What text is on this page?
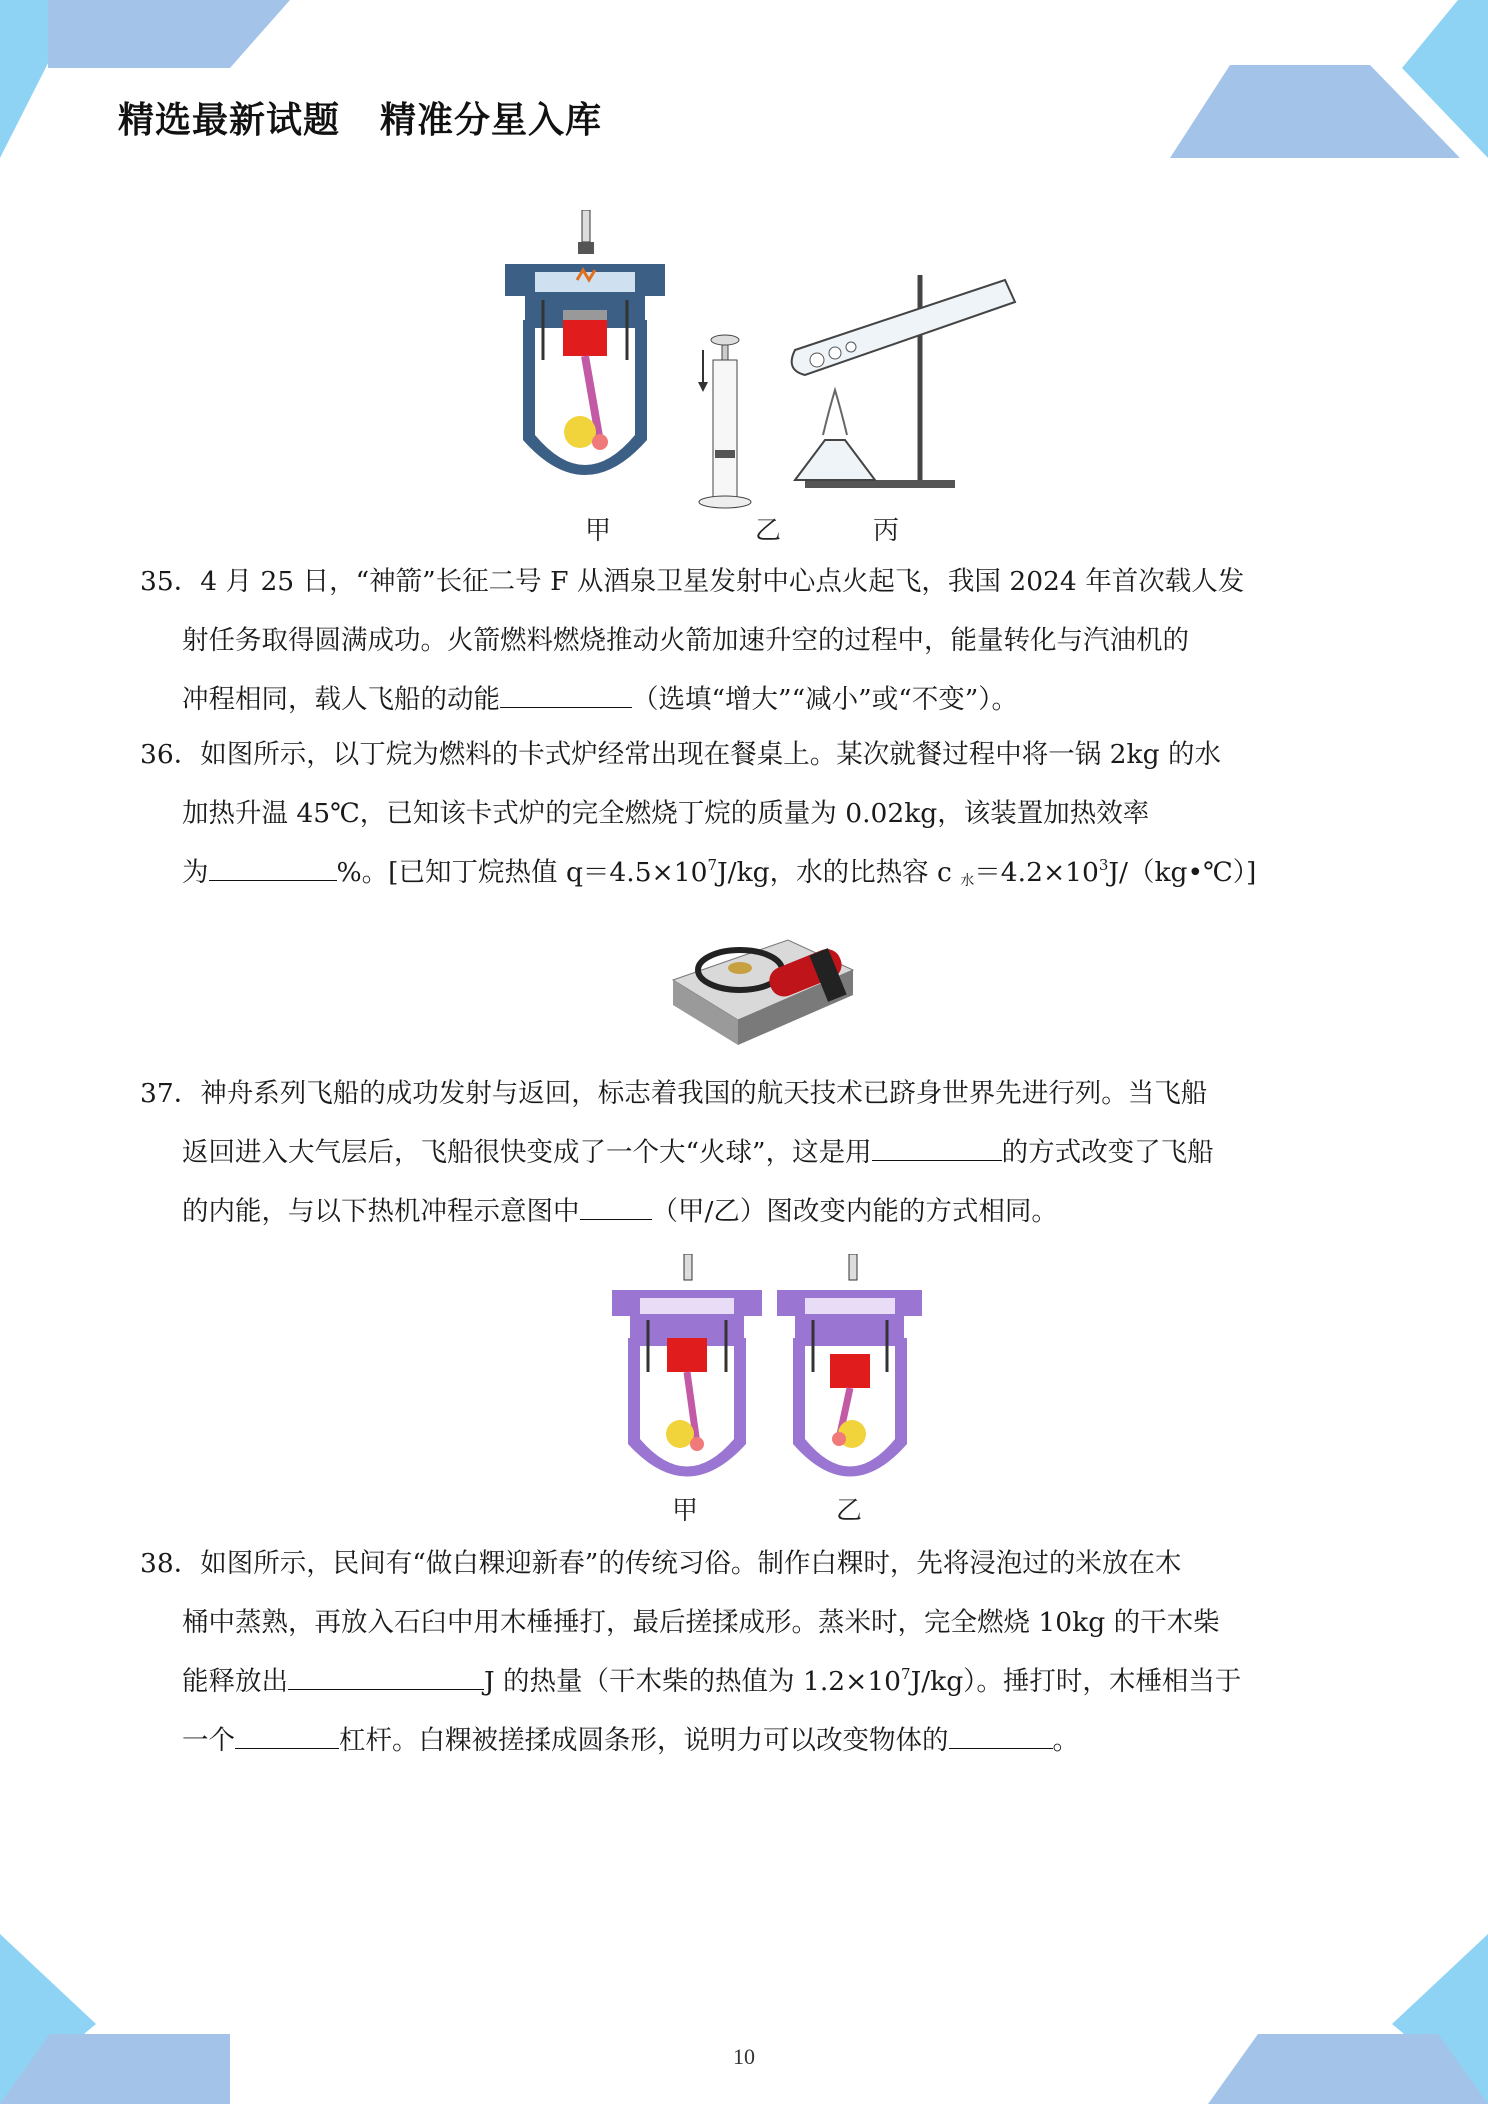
精选最新试题 精准分星入库
甲	乙	丙

35．4 月 25 日，“神箭”长征二号 F 从酒泉卫星发射中心点火起飞，我国 2024 年首次载人发

射任务取得圆满成功。火箭燃料燃烧推动火箭加速升空的过程中，能量转化与汽油机的

冲程相同，载人飞船的动能	（选填“增大”“减小”或“不变”）。

36．如图所示，以丁烷为燃料的卡式炉经常出现在餐桌上。某次就餐过程中将一锅 2kg 的水

加热升温 45℃，已知该卡式炉的完全燃烧丁烷的质量为 0.02kg，该装置加热效率

为	%。[已知丁烷热值 $q=4.5\times 10^7J/kg$，水的比热容 c $_水=4.2\times 10^3J/(kg•℃)$]

37．神舟系列飞船的成功发射与返回，标志着我国的航天技术已跻身世界先进行列。当飞船

返回进入大气层后，飞船很快变成了一个大“火球”，这是用	的方式改变了飞船

的内能，与以下热机冲程示意图中	（甲/乙）图改变内能的方式相同。

甲	乙

38．如图所示，民间有“做白粿迎新春”的传统习俗。制作白粿时，先将浸泡过的米放在木

桶中蒸熟，再放入石臼中用木棰捶打，最后搓揉成形。蒸米时，完全燃烧 10kg 的干木柴

能释放出	J 的热量（干木柴的热值为 $1.2\times 10^7J/kg$）。捶打时，木棰相当于

一个	杠杆。白粿被搓揉成圆条形，说明力可以改变物体的	。

10
